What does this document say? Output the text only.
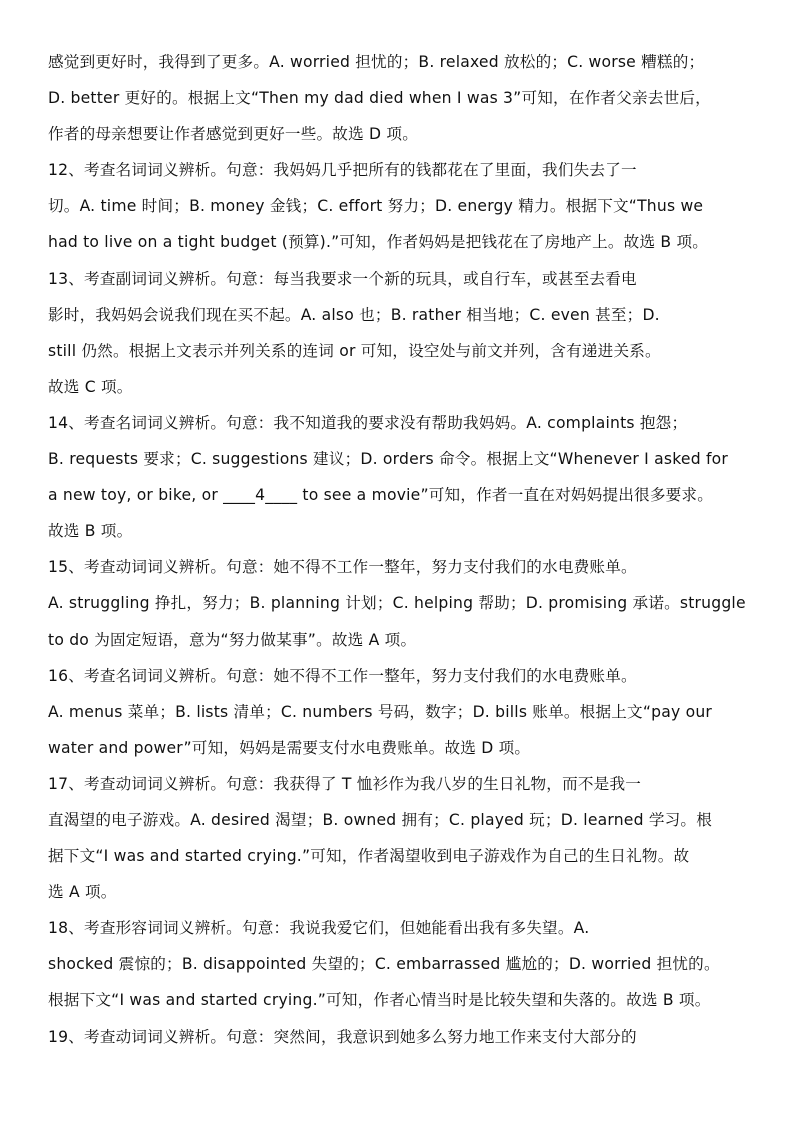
感觉到更好时，我得到了更多。A. worried 担忧的；B. relaxed 放松的；C. worse 糟糕的；
D. better 更好的。根据上文“Then my dad died when I was 3”可知，在作者父亲去世后，
作者的母亲想要让作者感觉到更好一些。故选 D 项。
12、考查名词词义辨析。句意：我妈妈几乎把所有的钱都花在了里面，我们失去了一
切。A. time 时间；B. money 金钱；C. effort 努力；D. energy 精力。根据下文“Thus we
had to live on a tight budget (预算).”可知，作者妈妈是把钱花在了房地产上。故选 B 项。
13、考查副词词义辨析。句意：每当我要求一个新的玩具，或自行车，或甚至去看电
影时，我妈妈会说我们现在买不起。A. also 也；B. rather 相当地；C. even 甚至；D.
still 仍然。根据上文表示并列关系的连词 or 可知，设空处与前文并列，含有递进关系。
故选 C 项。
14、考查名词词义辨析。句意：我不知道我的要求没有帮助我妈妈。A. complaints 抱怨；
B. requests 要求；C. suggestions 建议；D. orders 命令。根据上文“Whenever I asked for
a new toy, or bike, or ____4____ to see a movie”可知，作者一直在对妈妈提出很多要求。
故选 B 项。
15、考查动词词义辨析。句意：她不得不工作一整年，努力支付我们的水电费账单。
A. struggling 挣扎，努力；B. planning 计划；C. helping 帮助；D. promising 承诺。struggle
to do 为固定短语，意为“努力做某事”。故选 A 项。
16、考查名词词义辨析。句意：她不得不工作一整年，努力支付我们的水电费账单。
A. menus 菜单；B. lists 清单；C. numbers 号码，数字；D. bills 账单。根据上文“pay our
water and power”可知，妈妈是需要支付水电费账单。故选 D 项。
17、考查动词词义辨析。句意：我获得了 T 恤衫作为我八岁的生日礼物，而不是我一
直渴望的电子游戏。A. desired 渴望；B. owned 拥有；C. played 玩；D. learned 学习。根
据下文“I was and started crying.”可知，作者渴望收到电子游戏作为自己的生日礼物。故
选 A 项。
18、考查形容词词义辨析。句意：我说我爱它们，但她能看出我有多失望。A.
shocked 震惊的；B. disappointed 失望的；C. embarrassed 尴尬的；D. worried 担忧的。
根据下文“I was and started crying.”可知，作者心情当时是比较失望和失落的。故选 B 项。
19、考查动词词义辨析。句意：突然间，我意识到她多么努力地工作来支付大部分的
